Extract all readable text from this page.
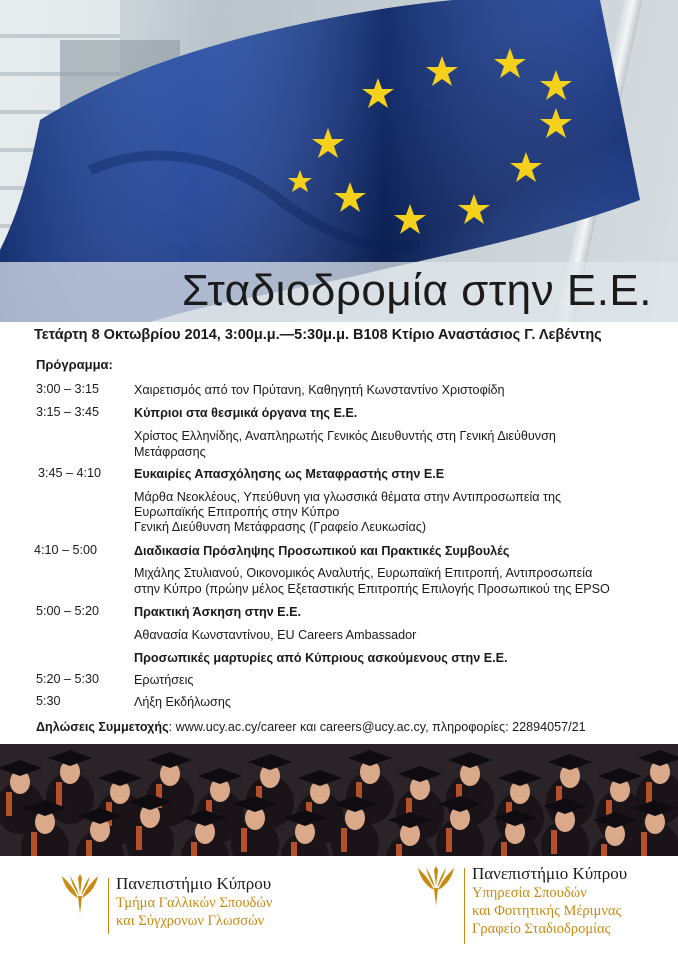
Σταδιοδρομία στην Ε.Ε.
Τετάρτη 8 Οκτωβρίου 2014, 3:00μ.μ.—5:30μ.μ. Β108 Κτίριο Αναστάσιος Γ. Λεβέντης
Πρόγραμμα:
3:00 – 3:15	Χαιρετισμός από τον Πρύτανη, Καθηγητή Κωνσταντίνο Χριστοφίδη
3:15 – 3:45	Κύπριοι στα θεσμικά όργανα της Ε.Ε.
Χρίστος Ελληνίδης, Αναπληρωτής Γενικός Διευθυντής στη Γενική Διεύθυνση
Μετάφρασης
3:45 – 4:10	Ευκαιρίες Απασχόλησης ως Μεταφραστής στην Ε.Ε
Μάρθα Νεοκλέους, Υπεύθυνη για γλωσσικά θέματα στην Αντιπροσωπεία της
Ευρωπαϊκής Επιτροπής στην Κύπρο
Γενική Διεύθυνση Μετάφρασης (Γραφείο Λευκωσίας)
4:10 – 5:00	Διαδικασία Πρόσληψης Προσωπικού και Πρακτικές Συμβουλές
Μιχάλης Στυλιανού, Οικονομικός Αναλυτής, Ευρωπαϊκή Επιτροπή, Αντιπροσωπεία
στην Κύπρο (πρώην μέλος Εξεταστικής Επιτροπής Επιλογής Προσωπικού της EPSO
5:00 – 5:20	Πρακτική Άσκηση στην Ε.Ε.
Αθανασία Κωνσταντίνου, EU Careers Ambassador
Προσωπικές μαρτυρίες από Κύπριους ασκούμενους στην Ε.Ε.
5:20 – 5:30	Ερωτήσεις
5:30	Λήξη Εκδήλωσης
Δηλώσεις Συμμετοχής: www.ucy.ac.cy/career και careers@ucy.ac.cy, πληροφορίες: 22894057/21
Πανεπιστήμιο Κύπρου
Τμήμα Γαλλικών Σπουδών
και Σύγχρονων Γλωσσών
Πανεπιστήμιο Κύπρου
Υπηρεσία Σπουδών
και Φοιτητικής Μέριμνας
Γραφείο Σταδιοδρομίας
